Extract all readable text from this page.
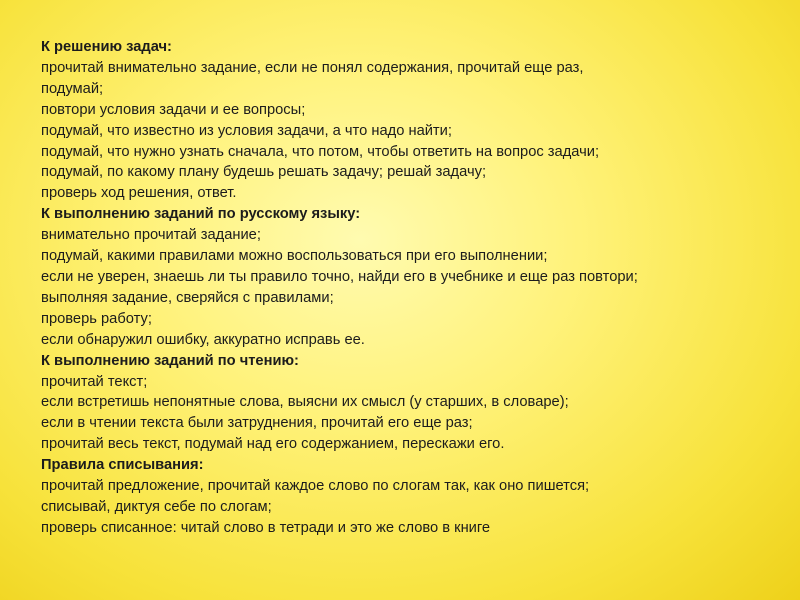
К решению задач:
прочитай внимательно задание, если не понял содержания, прочитай еще раз,
подумай;
повтори условия задачи и ее вопросы;
подумай, что известно из условия задачи, а что надо найти;
подумай, что нужно узнать сначала, что потом, чтобы ответить на вопрос задачи;
подумай, по какому плану будешь решать задачу; решай задачу;
проверь ход решения, ответ.
К выполнению заданий по русскому языку:
внимательно прочитай задание;
подумай, какими правилами можно воспользоваться при его выполнении;
если не уверен, знаешь ли ты правило точно, найди его в учебнике и еще раз повтори;
выполняя задание, сверяйся с правилами;
проверь работу;
если обнаружил ошибку, аккуратно исправь ее.
К выполнению заданий по чтению:
прочитай текст;
если встретишь непонятные слова, выясни их смысл (у старших, в словаре);
если в чтении текста были затруднения, прочитай его еще раз;
прочитай весь текст, подумай над его содержанием, перескажи его.
Правила списывания:
прочитай предложение, прочитай каждое слово по слогам так, как оно пишется;
списывай, диктуя себе по слогам;
проверь списанное: читай слово в тетради и это же слово в книге
